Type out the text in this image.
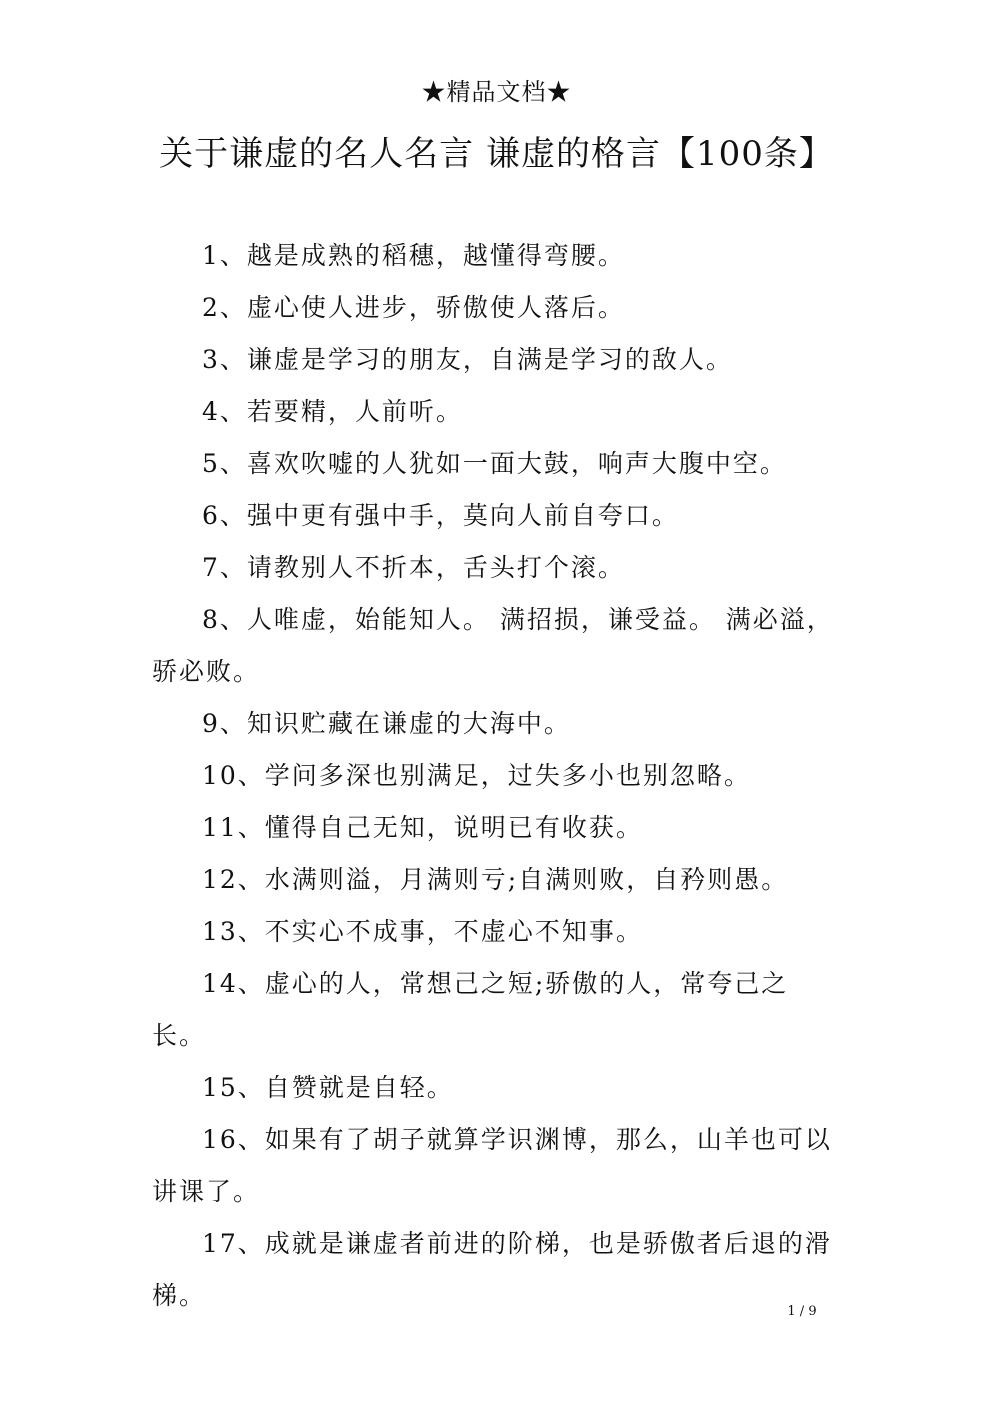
★精品文档★
关于谦虚的名人名言 谦虚的格言【100条】

1、越是成熟的稻穗，越懂得弯腰。

2、虚心使人进步，骄傲使人落后。

3、谦虚是学习的朋友，自满是学习的敌人。

4、若要精，人前听。

5、喜欢吹嘘的人犹如一面大鼓，响声大腹中空。

6、强中更有强中手，莫向人前自夸口。

7、请教别人不折本，舌头打个滚。

8、人唯虚，始能知人。 满招损，谦受益。 满必溢，骄必败。

9、知识贮藏在谦虚的大海中。

10、学问多深也别满足，过失多小也别忽略。

11、懂得自己无知，说明已有收获。

12、水满则溢，月满则亏;自满则败，自矜则愚。

13、不实心不成事，不虚心不知事。

14、虚心的人，常想己之短;骄傲的人，常夸己之长。

15、自赞就是自轻。

16、如果有了胡子就算学识渊博，那么，山羊也可以讲课了。

17、成就是谦虚者前进的阶梯，也是骄傲者后退的滑梯。

1 / 9
